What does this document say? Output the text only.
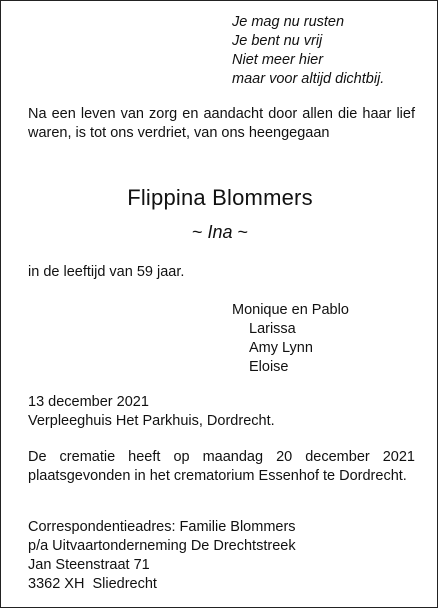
Je mag nu rusten
Je bent nu vrij
Niet meer hier
maar voor altijd dichtbij.
Na een leven van zorg en aandacht door allen die haar lief waren, is tot ons verdriet, van ons heengegaan
Flippina Blommers
~ Ina ~
in de leeftijd van 59 jaar.
Monique en Pablo
Larissa
Amy Lynn
Eloise
13 december 2021
Verpleeghuis Het Parkhuis, Dordrecht.
De crematie heeft op maandag 20 december 2021 plaatsgevonden in het crematorium Essenhof te Dordrecht.
Correspondentieadres: Familie Blommers
p/a Uitvaartonderneming De Drechtstreek
Jan Steenstraat 71
3362 XH  Sliedrecht
